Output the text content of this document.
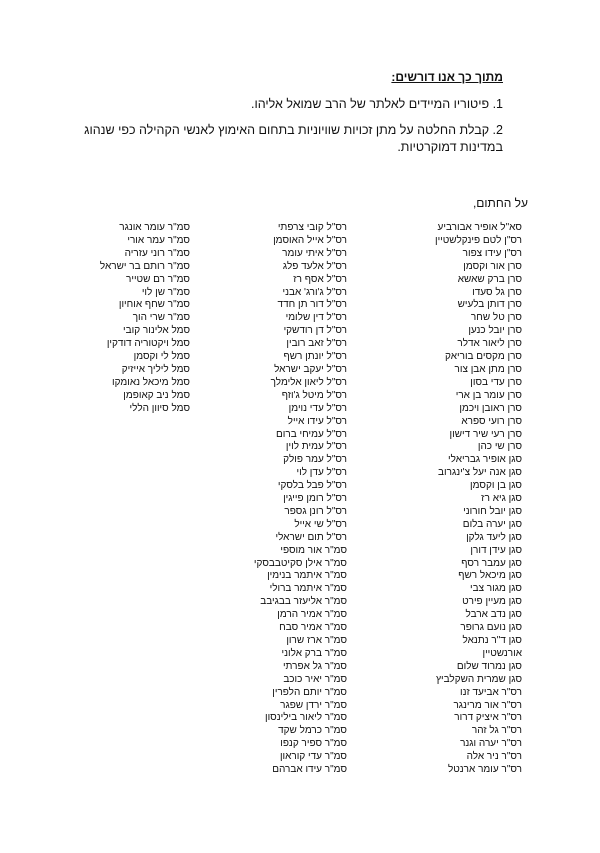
מתוך כך אנו דורשים:
1. פיטוריו המיידים לאלתר של הרב שמואל אליהו.
2. קבלת החלטה על מתן זכויות שוויוניות בתחום האימוץ לאנשי הקהילה כפי שנהוג במדינות דמוקרטיות.
על החתום,
סא"ל אופיר אבורביע
רס"ן לטם פינקלשטיין
רס"ן עידו צפור
סרן אור וקסמן
סרן ברק שאשא
סרן גל סעדו
סרן דותן בלעיש
סרן טל שחר
סרן יובל כנען
סרן ליאור אדלר
סרן מקסים בוריאק
סרן מתן אבן צור
סרן עדי בסון
סרן עומר בן ארי
סרן ראובן ויכמן
סרן רועי ספרא
סרן רעי שיר דישון
סרן שי כהן
סגן אופיר גבריאלי
סגן אנה יעל צ'ינגרוב
סגן בן וקסמן
סגן גיא רז
סגן יובל חורוני
סגן יערה בלום
סגן ליעד גלקן
סגן עידן דורן
סגן עמבר רסף
סגן מיכאל רשף
סגן מגור צבי
סגן מעיין פירט
סגן נדב ארבל
סגן נועם גרופר
סגן ד"ר נתנאל
אורנשטיין
סגן נמרוד שלום
סגן שמרית השקלביץ
רס"ר אביעד זנו
רס"ר אור מרינגר
רס"ר איציק דרור
רס"ר גל זהר
רס"ר יערה וגנר
רס"ר ניר אלה
רס"ר עומר ארנטל
רס"ל קובי צרפתי
רס"ל אייל האוסמן
רס"ל איתי עומר
רס"ל אלעד פלג
רס"ל אסף רז
רס"ל ג'ורג' אבני
רס"ל דור תן חדד
רס"ל דין שלומי
רס"ל דן רודשקי
רס"ל זאב רובין
רס"ל יונתן רשף
רס"ל יעקב ישראל
רס"ל ליאון אלימלך
רס"ל מיטל ג'וזף
רס"ל עדי נוימן
רס"ל עידו אייל
רס"ל עמיחי ברום
רס"ל עמית לוין
רס"ל עמר פולק
רס"ל עדן לוי
רס"ל פבל בלסקי
רס"ל רומן פייגין
רס"ל רונן גספר
רס"ל שי אייל
רס"ל תום ישראלי
סמ"ר אור מוספי
סמ"ר אילן סקיטבבסקי
סמ"ר איתמר בנימין
סמ"ר איתמר ברולי
סמ"ר אליעזר בבגיבב
סמ"ר אמיר הרמן
סמ"ר אמיר סבח
סמ"ר ארז שרון
סמ"ר ברק אלוני
סמ"ר גל אפרתי
סמ"ר יאיר כוכב
סמ"ר יותם הלפרין
סמ"ר ירדן שפגר
סמ"ר ליאור בילינסון
סמ"ר כרמל שקד
סמ"ר ספיר קנפו
סמ"ר עדי קוראון
סמ"ר עידו אברהם
סמ"ר עומר אונגר
סמ"ר עמר אורי
סמ"ר רוני עזריה
סמ"ר רותם בר ישראל
סמ"ר רם שטייר
סמ"ר שן לוי
סמ"ר שחף אוחיון
סמ"ר שרי הוך
סמל אלינור קובי
סמל ויקטוריה דודקין
סמל לי וקסמן
סמל ליליך אייזיק
סמל מיכאל נאומקו
סמל ניב קאופמן
סמל סיוון הללי
